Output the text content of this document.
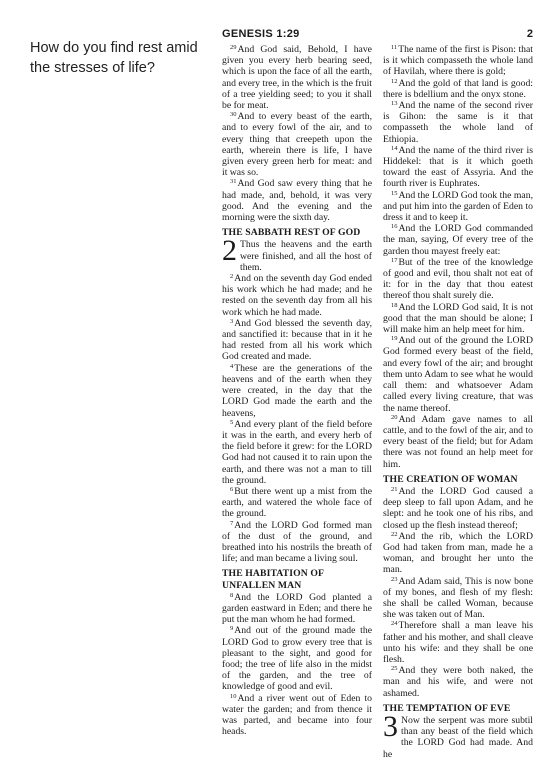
How do you find rest amid the stresses of life?
GENESIS 1:29	2

$^{29}$And God said, Behold, I have given you every herb bearing seed, which is upon the face of all the earth, and every tree, in the which is the fruit of a tree yielding seed; to you it shall be for meat.

$^{30}$And to every beast of the earth, and to every fowl of the air, and to every thing that creepeth upon the earth, wherein there is life, I have given every green herb for meat: and it was so.

$^{31}$And God saw every thing that he had made, and, behold, it was very good. And the evening and the morning were the sixth day.

THE SABBATH REST OF GOD

2 Thus the heavens and the earth were finished, and all the host of them.

$^2$And on the seventh day God ended his work which he had made; and he rested on the seventh day from all his work which he had made.

$^3$And God blessed the seventh day, and sanctified it: because that in it he had rested from all his work which God created and made.

$^4$These are the generations of the heavens and of the earth when they were created, in the day that the LORD God made the earth and the heavens,

$^5$And every plant of the field before it was in the earth, and every herb of the field before it grew: for the LORD God had not caused it to rain upon the earth, and there was not a man to till the ground.

$^6$But there went up a mist from the earth, and watered the whole face of the ground.

$^7$And the LORD God formed man of the dust of the ground, and breathed into his nostrils the breath of life; and man became a living soul.

THE HABITATION OF UNFALLEN MAN

$^8$And the LORD God planted a garden eastward in Eden; and there he put the man whom he had formed.

$^9$And out of the ground made the LORD God to grow every tree that is pleasant to the sight, and good for food; the tree of life also in the midst of the garden, and the tree of knowledge of good and evil.

$^{10}$And a river went out of Eden to water the garden; and from thence it was parted, and became into four heads.

$^{11}$The name of the first is Pison: that is it which compasseth the whole land of Havilah, where there is gold;

$^{12}$And the gold of that land is good: there is bdellium and the onyx stone.

$^{13}$And the name of the second river is Gihon: the same is it that compasseth the whole land of Ethiopia.

$^{14}$And the name of the third river is Hiddekel: that is it which goeth toward the east of Assyria. And the fourth river is Euphrates.

$^{15}$And the LORD God took the man, and put him into the garden of Eden to dress it and to keep it.

$^{16}$And the LORD God commanded the man, saying, Of every tree of the garden thou mayest freely eat:

$^{17}$But of the tree of the knowledge of good and evil, thou shalt not eat of it: for in the day that thou eatest thereof thou shalt surely die.

$^{18}$And the LORD God said, It is not good that the man should be alone; I will make him an help meet for him.

$^{19}$And out of the ground the LORD God formed every beast of the field, and every fowl of the air; and brought them unto Adam to see what he would call them: and whatsoever Adam called every living creature, that was the name thereof.

$^{20}$And Adam gave names to all cattle, and to the fowl of the air, and to every beast of the field; but for Adam there was not found an help meet for him.

THE CREATION OF WOMAN

$^{21}$And the LORD God caused a deep sleep to fall upon Adam, and he slept: and he took one of his ribs, and closed up the flesh instead thereof;

$^{22}$And the rib, which the LORD God had taken from man, made he a woman, and brought her unto the man.

$^{23}$And Adam said, This is now bone of my bones, and flesh of my flesh: she shall be called Woman, because she was taken out of Man.

$^{24}$Therefore shall a man leave his father and his mother, and shall cleave unto his wife: and they shall be one flesh.

$^{25}$And they were both naked, the man and his wife, and were not ashamed.

THE TEMPTATION OF EVE

3 Now the serpent was more subtil than any beast of the field which the LORD God had made. And he
